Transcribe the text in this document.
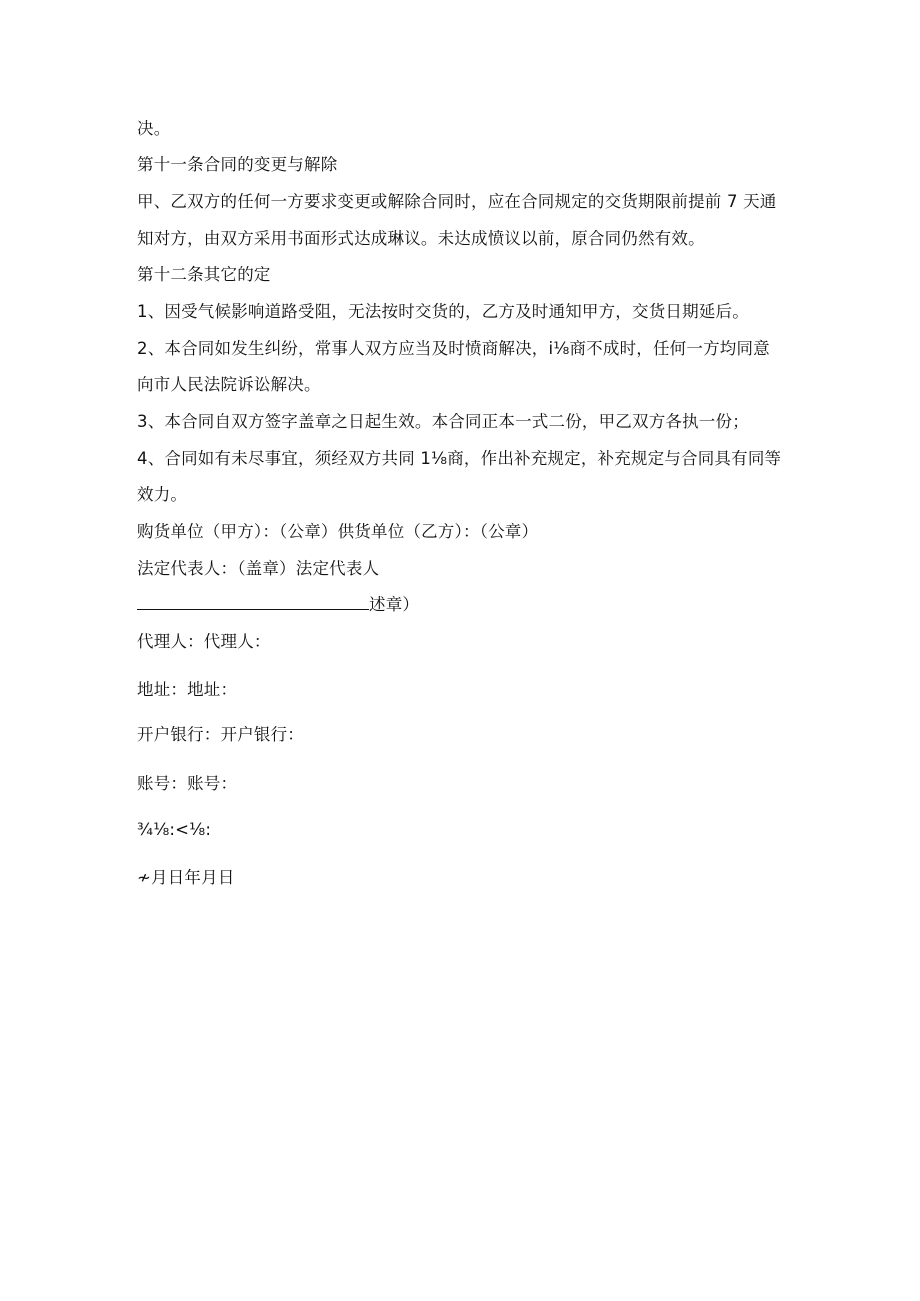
决。
第十一条合同的变更与解除
甲、乙双方的任何一方要求变更或解除合同时，应在合同规定的交货期限前提前 7 天通
知对方，由双方采用书面形式达成琳议。未达成愤议以前，原合同仍然有效。
第十二条其它的定
1、因受气候影响道路受阻，无法按时交货的，乙方及时通知甲方，交货日期延后。
2、本合同如发生纠纷，常事人双方应当及时愤商解决，i⅛商不成时，任何一方均同意
向市人民法院诉讼解决。
3、本合同自双方签字盖章之日起生效。本合同正本一式二份，甲乙双方各执一份；
4、合同如有未尽事宜，须经双方共同 1⅛商，作出补充规定，补充规定与合同具有同等
效力。
购货单位（甲方）：（公章）供货单位（乙方）：（公章）
法定代表人：（盖章）法定代表人
述章）
代理人：代理人：
地址：地址：
开户银行：开户银行：
账号：账号：
¾⅛:<⅛:
≁月日年月日
